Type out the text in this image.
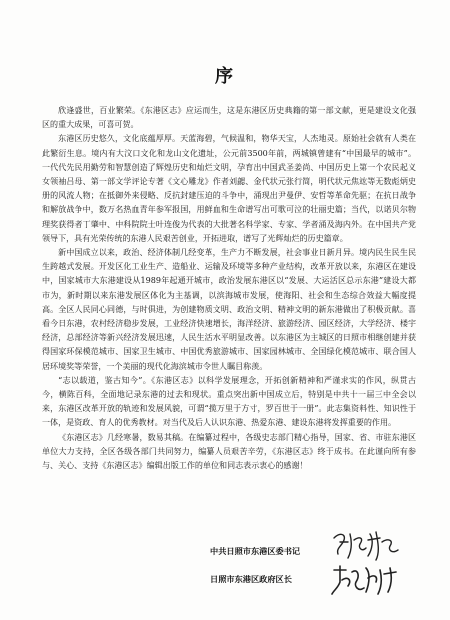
序

欣逢盛世，百业繁荣。《东港区志》应运而生，这是东港区历史典籍的第一部文献，更是建设文化强区的重大成果，可喜可贺。

东港区历史悠久，文化底蕴厚厚。天蓝海碧，气候温和，物华天宝，人杰地灵。原始社会就有人类在此繁衍生息。境内有大汶口文化和龙山文化遗址，公元前3500年前，两城镇曾建有“中国最早的城市”。一代代先民用勤劳和智慧创造了辉煌历史和灿烂文明，孕育出中国武圣姜尚、中国历史上第一个农民起义女领袖吕母、第一部文学评论专著《文心雕龙》作者刘勰、金代状元张行简，明代状元焦竑等无数彪炳史册的风流人物；在抵御外来侵略、反抗封建压迫的斗争中，涌现出尹曼伊、安哲等革命先驱；在抗日战争和解放战争中，数万名热血青年参军报国，用鲜血和生命谱写出可歌可泣的壮丽史篇；当代，以诺贝尔物理奖获得者丁肇中、中科院院士叶连俊为代表的大批著名科学家、专家、学者涌及海内外。在中国共产党领导下，具有光荣传统的东港人民艰苦创业，开拓进取，谱写了光辉灿烂的历史篇章。

新中国成立以来，政治、经济体制几经变革，生产力不断发展，社会事业日新月异。境内民生民生民生跨越式发展。开发区化工业生产、造船业、运输及环境等多种产业结构，改革开放以来，东港区在建设中，国家城市大东港建设从1989年起通开城市，政治发展东港区以“发展、大运活区总示东港”建设大都市为，新时期以来东港发展区体化为主基调，以滨海城市发展，使海阳、社会和生态综合效益大幅度提高。全区人民同心同德，与时俱进，为创建物质文明、政治文明、精神文明的新东港做出了积极贡献。喜看今日东港，农村经济稳步发展，工业经济快速增长，海洋经济、旅游经济、园区经济，大学经济、楼宇经济，总部经济等新兴经济发展迅速，人民生活水平明显改善。以东港区为主城区的日照市相继创建并获得国家环保模范城市、国家卫生城市、中国优秀旅游城市、国家园林城市、全国绿化模范城市、联合国人居环境奖等荣誉，一个美丽的现代化海滨城市令世人瞩目称羡。

“志以载道，鉴古知今”。《东港区志》以科学发展理念，开拓创新精神和严谨求实的作风，纵贯古今，横陈百科，全面地记录东港的过去和现状。重点突出新中国成立后，特别是中共十一届三中全会以来，东港区改革开放的轨迹和发展风貌，可谓“揽万里于方寸，罗百世于一册”。此志集资料性、知识性于一体，是资政、育人的优秀教材。对当代及后人认识东港、热爱东港、建设东港将发挥重要的作用。

《东港区志》几经寒暑，数易其稿。在编纂过程中，各级史志部门精心指导，国家、省、市驻东港区单位大力支持，全区各级各部门共同努力，编纂人员艰苦辛劳，《东港区志》终于成书。在此谨向所有参与、关心、支持《东港区志》编辑出版工作的单位和同志表示衷心的感谢！

中共日照市东港区委书记
日照市东港区政府区长
